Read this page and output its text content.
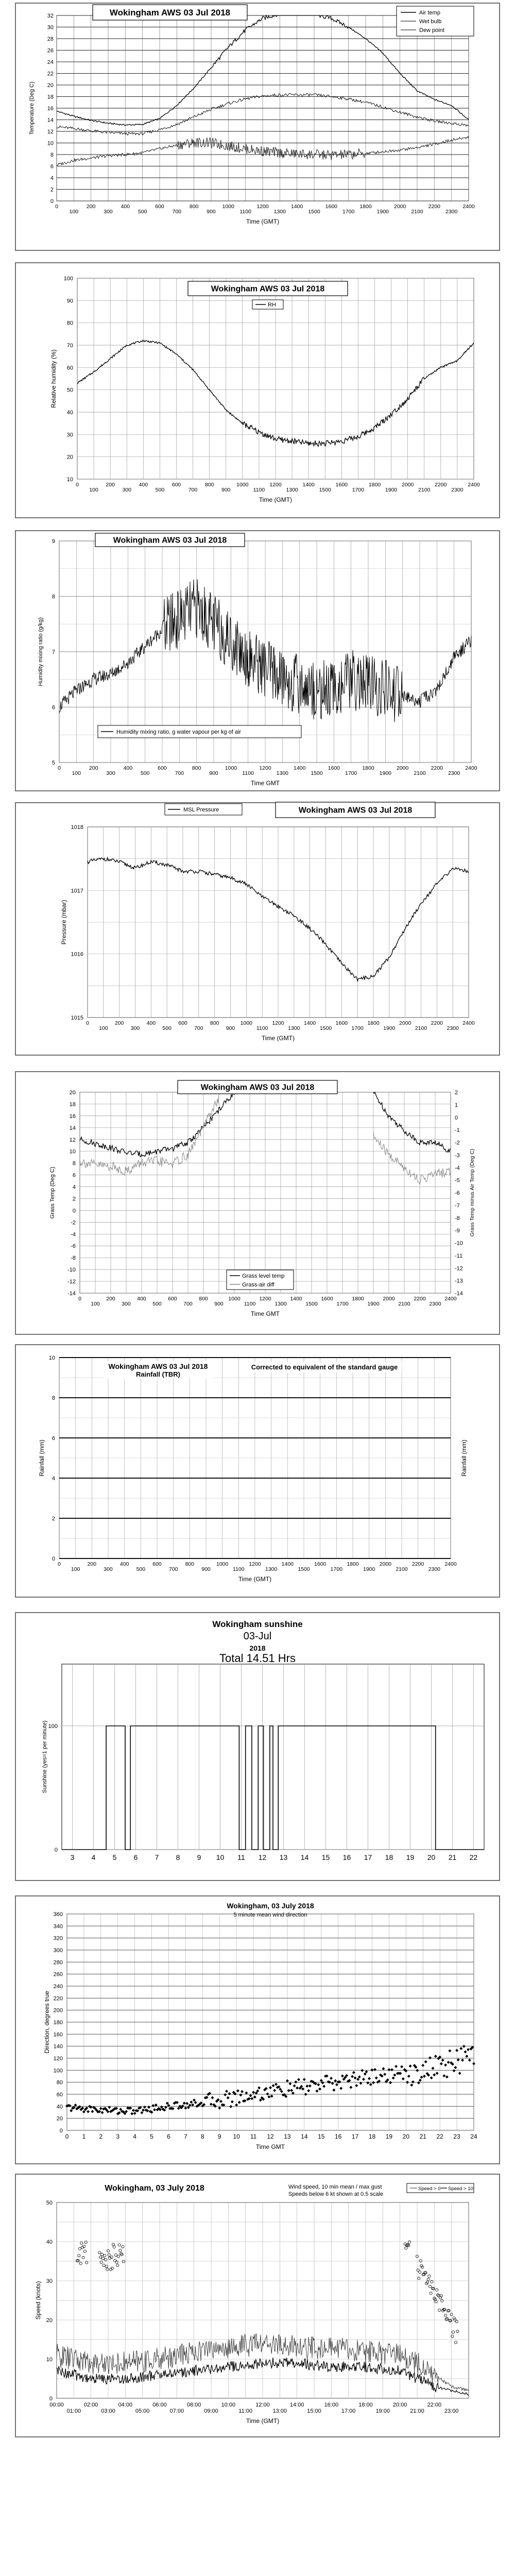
0
2
4
6
8
10
12
14
16
18
20
22
24
26
28
30
32
0
100
200
300
400
500
600
700
800
900
1000
1100
1200
1300
1400
1500
1600
1700
1800
1900
2000
2100
2200
2300
2400
Wokingham AWS 03 Jul 2018	Air temp
Wet bulb
Dew point
Temperature (Deg C)
Time (GMT)
10
20
30
40
50
60
70
80
90
100
0
100
200
300
400
500
600
700
800
900
1000
1100
1200
1300
1400
1500
1600
1700
1800
1900
2000
2100
2200
2300
2400
Wokingham AWS 03 Jul 2018
RH
Relative humidity (%)
Time (GMT)
5
6
7
8
9
0
100
200
300
400
500
600
700
800
900
1000
1100
1200
1300
1400
1500
1600
1700
1800
1900
2000
2100
2200
2300
2400
Wokingham AWS 03 Jul 2018
Humidity mixing ratio, g water vapour per kg of air
Humidity mixing ratio (g/kg)
Time GMT
1015
1016
1017
1018
0
100
200
300
400
500
600
700
800
900
1000
1100
1200
1300
1400
1500
1600
1700
1800
1900
2000
2100
2200
2300
2400
Wokingham AWS 03 Jul 2018
MSL Pressure
Pressure (mbar)
Time (GMT)
-14
-12
-10
-8
-6
-4
-2
0
2
4
6
8
10
12
14
16
18
20
-14
-13
-12
-11
-10
-9
-8
-7
-6
-5
-4
-3
-2
-1
0
1
2
0
100
200
300
400
500
600
700
800
900
1000
1100
1200
1300
1400
1500
1600
1700
1800
1900
2000
2100
2200
2300
2400
Wokingham AWS 03 Jul 2018
Grass level temp
Grass-air diff
Grass Temp (Deg C)	Grass Temp minus Air Temp (Deg C)
Time GMT
0
2
4
6
8
10
0
100
200
300
400
500
600
700
800
900
1000
1100
1200
1300
1400
1500
1600
1700
1800
1900
2000
2100
2200
2300
2400
Wokingham AWS 03 Jul 2018
Rainfall (TBR)
Corrected to equivalent of the standard gauge
Rainfall (mm)	Rainfall (mm)
Time (GMT)
0
100
3 4 5 6 7 8 9 10 11 12 13 14 15 16 17 18 19 20 21 22
Wokingham sunshine
03-Jul
2018
Total 14.51 Hrs
Sunshine (yes=1 per minute)
0
20
40
60
80
100
120
140
160
180
200
220
240
260
280
300
320
340
360
0 1 2 3 4 5 6 7 8 9 10 11 12 13 14 15 16 17 18 19 20 21 22 23 24
Wokingham, 03 July 2018
5 minute mean wind direction
Direction, degrees true
Time GMT
0
10
20
30
40
50
00:00
01:00
02:00
03:00
04:00
05:00
06:00
07:00
08:00
09:00
10:00
11:00
12:00
13:00
14:00
15:00
16:00
17:00
18:00
19:00
20:00
21:00
22:00
23:00
Wokingham, 03 July 2018	Wind speed, 10 min mean / max gust
Speeds below 6 kt shown at 0.5 scale
Speed > 0 Speed > 10
Speed (knots)
Time (GMT)
